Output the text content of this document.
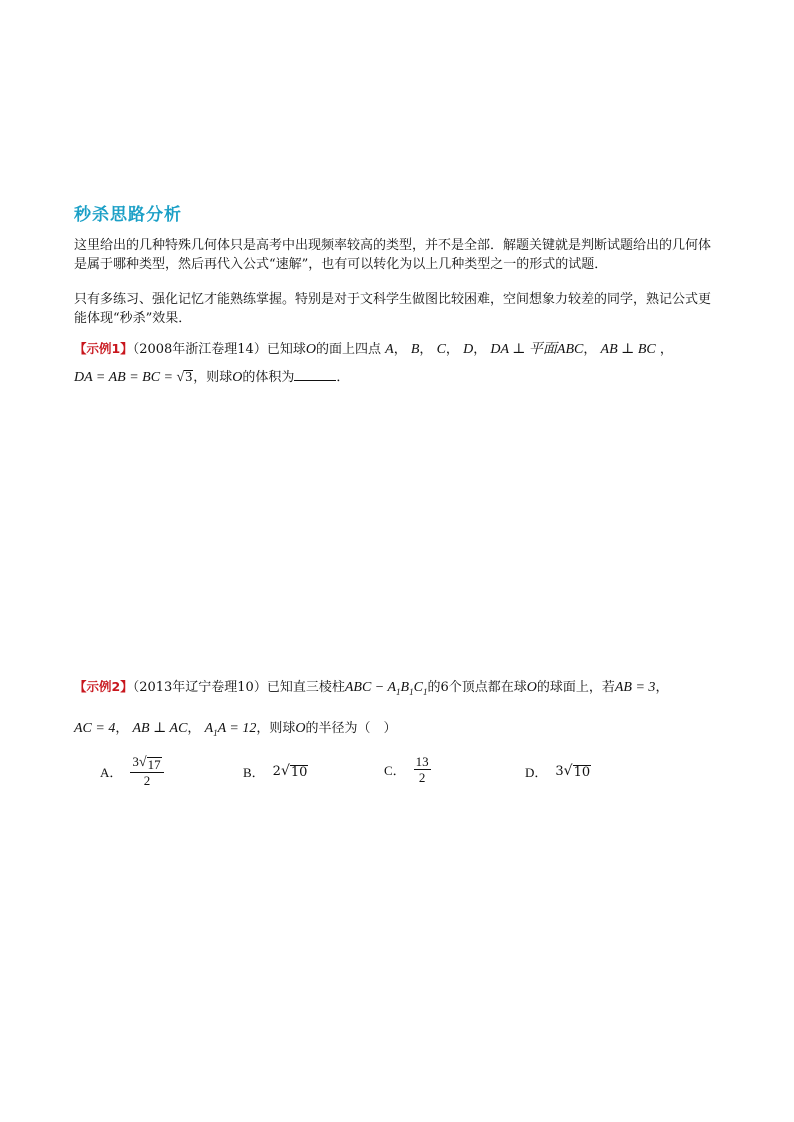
秒杀思路分析
这里给出的几种特殊几何体只是高考中出现频率较高的类型，并不是全部．解题关键就是判断试题给出的几何体是属于哪种类型，然后再代入公式“速解”，也有可以转化为以上几种类型之一的形式的试题．
只有多练习、强化记忆才能熟练掌握。特别是对于文科学生做图比较困难，空间想象力较差的同学，熟记公式更能体现“秒杀”效果．
【示例1】（2008年浙江卷理14）已知球O的面上四点 A， B， C， D， DA ⊥ 平面ABC， AB ⊥ BC ，
DA = AB = BC = √ 3 ，则球O的体积为	．
【示例2】（2013年辽宁卷理10）已知直三棱柱ABC − $A_1B_1C_1$的6个顶点都在球O的球面上，若AB = 3，
AC = 4， AB ⊥ AC， $A_1A = 12$，则球O的半径为（　）
A． $\frac{3 √ 17}{2}$	B． 2 √ 10	C． $\frac{13}{2}$	D． 3 √ 10
